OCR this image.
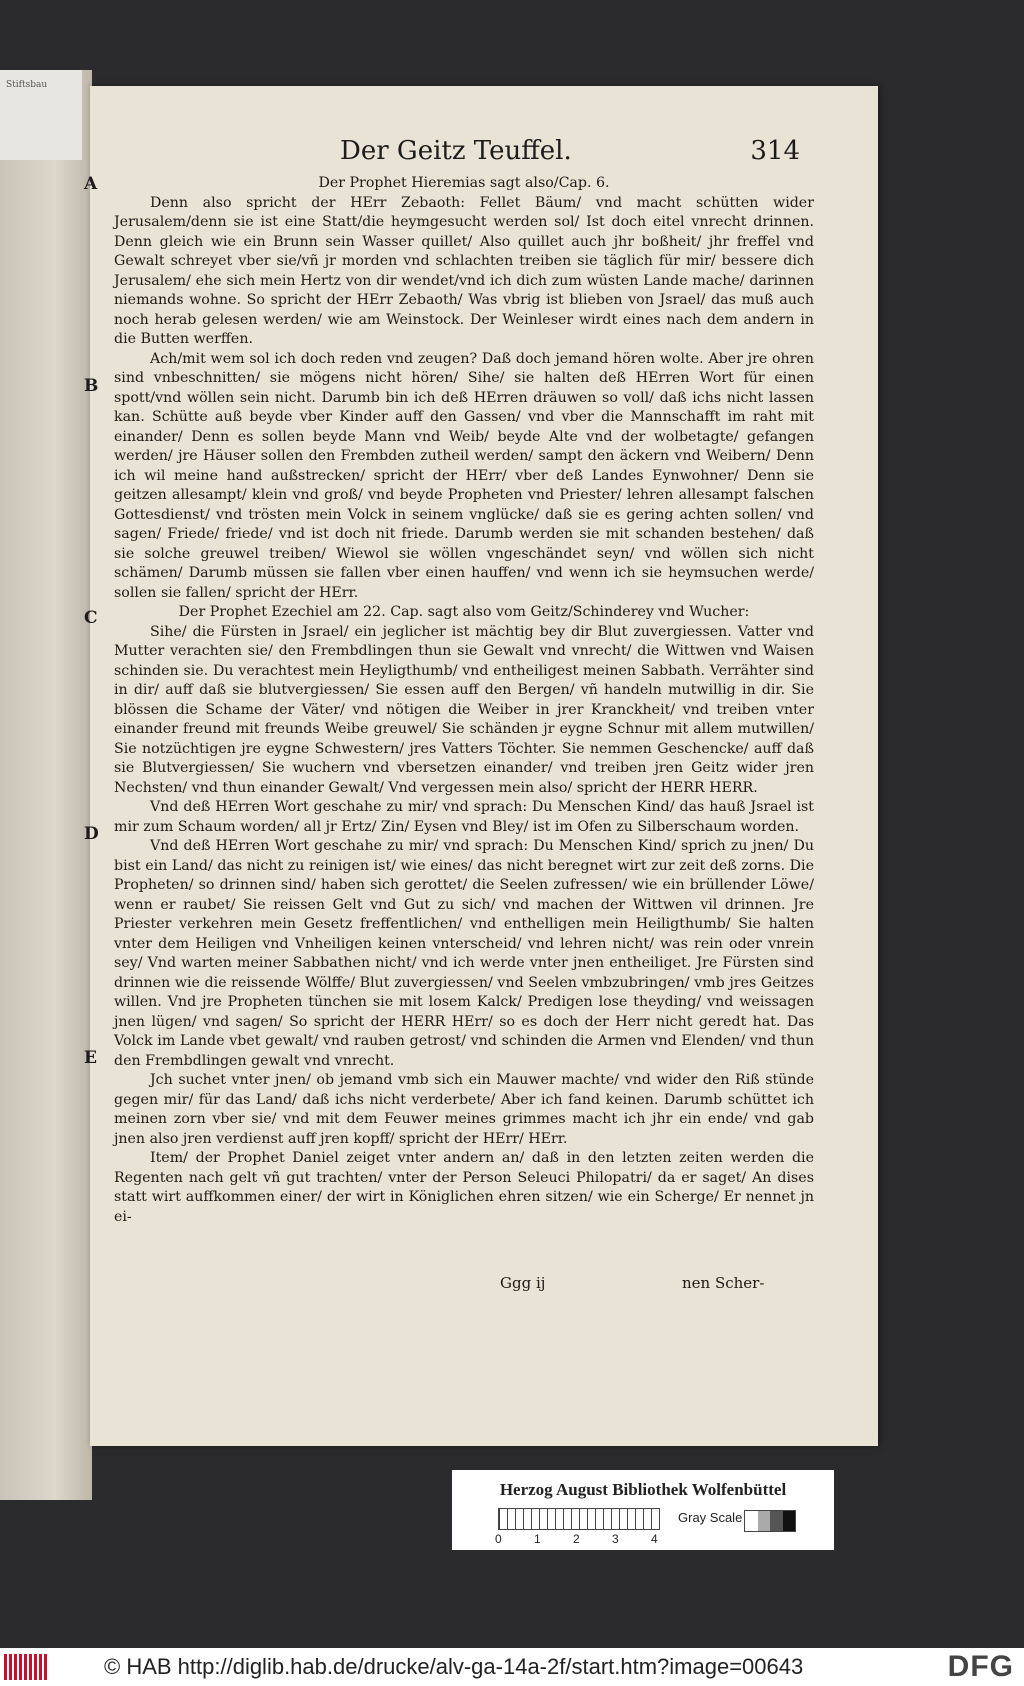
Stiftsbau
Der Geitz Teuffel.	314
A
B
C
D
E

Der Prophet Hieremias sagt also/Cap. 6.

Denn also spricht der HErr Zebaoth: Fellet Bäum/ vnd macht schütten wider Jerusalem/denn sie ist eine Statt/die heymgesucht werden sol/ Ist doch eitel vnrecht drinnen. Denn gleich wie ein Brunn sein Wasser quillet/ Also quillet auch jhr boßheit/ jhr freffel vnd Gewalt schreyet vber sie/vñ jr morden vnd schlachten treiben sie täglich für mir/ bessere dich Jerusalem/ ehe sich mein Hertz von dir wendet/vnd ich dich zum wüsten Lande mache/ darinnen niemands wohne. So spricht der HErr Zebaoth/ Was vbrig ist blieben von Jsrael/ das muß auch noch herab gelesen werden/ wie am Weinstock. Der Weinleser wirdt eines nach dem andern in die Butten werffen.

Ach/mit wem sol ich doch reden vnd zeugen? Daß doch jemand hören wolte. Aber jre ohren sind vnbeschnitten/ sie mögens nicht hören/ Sihe/ sie halten deß HErren Wort für einen spott/vnd wöllen sein nicht. Darumb bin ich deß HErren dräuwen so voll/ daß ichs nicht lassen kan. Schütte auß beyde vber Kinder auff den Gassen/ vnd vber die Mannschafft im raht mit einander/ Denn es sollen beyde Mann vnd Weib/ beyde Alte vnd der wolbetagte/ gefangen werden/ jre Häuser sollen den Frembden zutheil werden/ sampt den äckern vnd Weibern/ Denn ich wil meine hand außstrecken/ spricht der HErr/ vber deß Landes Eynwohner/ Denn sie geitzen allesampt/ klein vnd groß/ vnd beyde Propheten vnd Priester/ lehren allesampt falschen Gottesdienst/ vnd trösten mein Volck in seinem vnglücke/ daß sie es gering achten sollen/ vnd sagen/ Friede/ friede/ vnd ist doch nit friede. Darumb werden sie mit schanden bestehen/ daß sie solche greuwel treiben/ Wiewol sie wöllen vngeschändet seyn/ vnd wöllen sich nicht schämen/ Darumb müssen sie fallen vber einen hauffen/ vnd wenn ich sie heymsuchen werde/ sollen sie fallen/ spricht der HErr.

Der Prophet Ezechiel am 22. Cap. sagt also vom Geitz/Schinderey vnd Wucher:

Sihe/ die Fürsten in Jsrael/ ein jeglicher ist mächtig bey dir Blut zuvergiessen. Vatter vnd Mutter verachten sie/ den Frembdlingen thun sie Gewalt vnd vnrecht/ die Wittwen vnd Waisen schinden sie. Du verachtest mein Heyligthumb/ vnd entheiligest meinen Sabbath. Verrähter sind in dir/ auff daß sie blutvergiessen/ Sie essen auff den Bergen/ vñ handeln mutwillig in dir. Sie blössen die Schame der Väter/ vnd nötigen die Weiber in jrer Kranckheit/ vnd treiben vnter einander freund mit freunds Weibe greuwel/ Sie schänden jr eygne Schnur mit allem mutwillen/ Sie notzüchtigen jre eygne Schwestern/ jres Vatters Töchter. Sie nemmen Geschencke/ auff daß sie Blutvergiessen/ Sie wuchern vnd vbersetzen einander/ vnd treiben jren Geitz wider jren Nechsten/ vnd thun einander Gewalt/ Vnd vergessen mein also/ spricht der HERR HERR.

Vnd deß HErren Wort geschahe zu mir/ vnd sprach: Du Menschen Kind/ das hauß Jsrael ist mir zum Schaum worden/ all jr Ertz/ Zin/ Eysen vnd Bley/ ist im Ofen zu Silberschaum worden.

Vnd deß HErren Wort geschahe zu mir/ vnd sprach: Du Menschen Kind/ sprich zu jnen/ Du bist ein Land/ das nicht zu reinigen ist/ wie eines/ das nicht beregnet wirt zur zeit deß zorns. Die Propheten/ so drinnen sind/ haben sich gerottet/ die Seelen zufressen/ wie ein brüllender Löwe/ wenn er raubet/ Sie reissen Gelt vnd Gut zu sich/ vnd machen der Wittwen vil drinnen. Jre Priester verkehren mein Gesetz freffentlichen/ vnd enthelligen mein Heiligthumb/ Sie halten vnter dem Heiligen vnd Vnheiligen keinen vnterscheid/ vnd lehren nicht/ was rein oder vnrein sey/ Vnd warten meiner Sabbathen nicht/ vnd ich werde vnter jnen entheiliget. Jre Fürsten sind drinnen wie die reissende Wölffe/ Blut zuvergiessen/ vnd Seelen vmbzubringen/ vmb jres Geitzes willen. Vnd jre Propheten tünchen sie mit losem Kalck/ Predigen lose theyding/ vnd weissagen jnen lügen/ vnd sagen/ So spricht der HERR HErr/ so es doch der Herr nicht geredt hat. Das Volck im Lande vbet gewalt/ vnd rauben getrost/ vnd schinden die Armen vnd Elenden/ vnd thun den Frembdlingen gewalt vnd vnrecht.

Jch suchet vnter jnen/ ob jemand vmb sich ein Mauwer machte/ vnd wider den Riß stünde gegen mir/ für das Land/ daß ichs nicht verderbete/ Aber ich fand keinen. Darumb schüttet ich meinen zorn vber sie/ vnd mit dem Feuwer meines grimmes macht ich jhr ein ende/ vnd gab jnen also jren verdienst auff jren kopff/ spricht der HErr/ HErr.

Item/ der Prophet Daniel zeiget vnter andern an/ daß in den letzten zeiten werden die Regenten nach gelt vñ gut trachten/ vnter der Person Seleuci Philopatri/ da er saget/ An dises statt wirt auffkommen einer/ der wirt in Königlichen ehren sitzen/ wie ein Scherge/ Er nennet jn ei-

Ggg ij	nen Scher-
Herzog August Bibliothek Wolfenbüttel
0	1	2	3	4
Gray Scale
© HAB http://diglib.hab.de/drucke/alv-ga-14a-2f/start.htm?image=00643	DFG
